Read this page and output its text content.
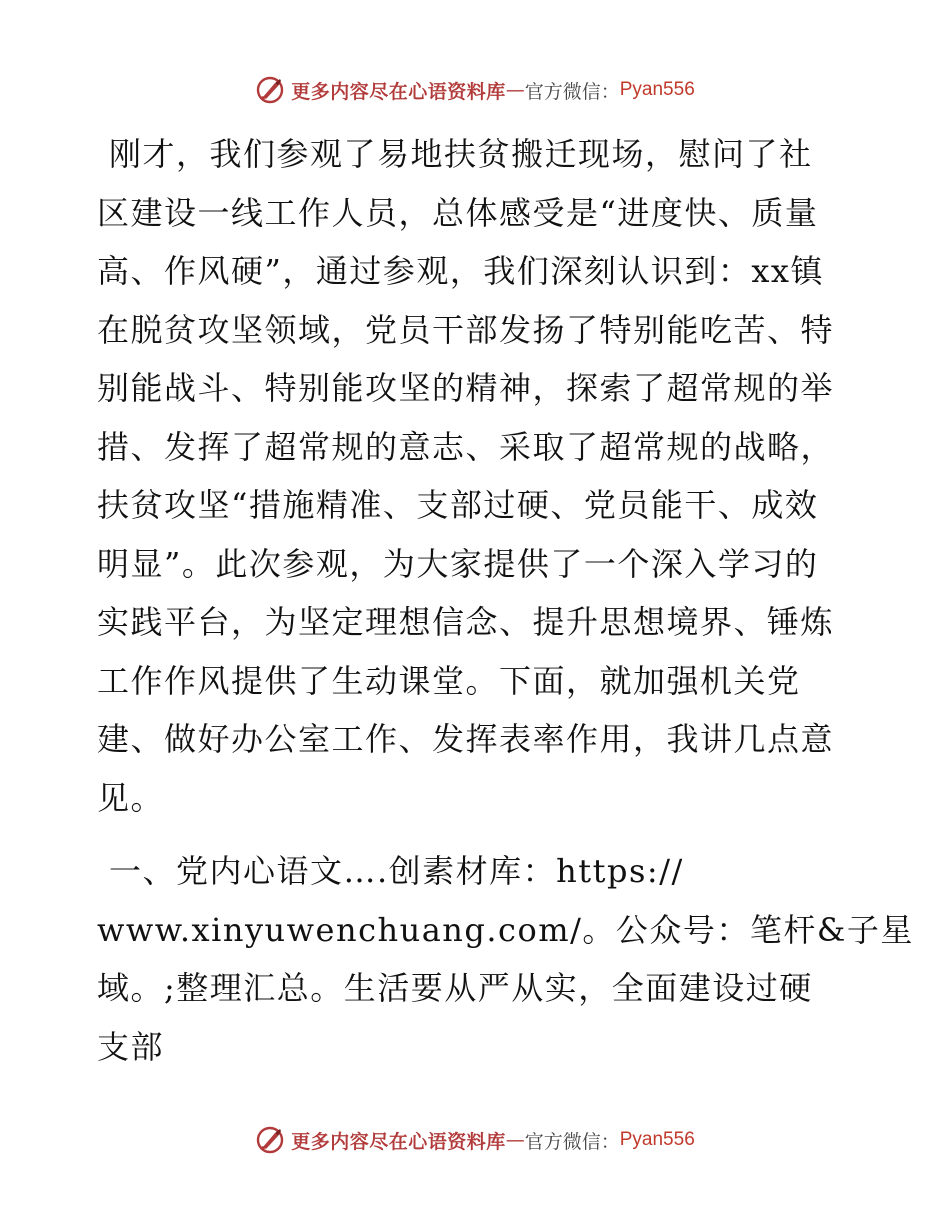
更多内容尽在心语资料库 — 官方微信： Pyan556
刚才，我们参观了易地扶贫搬迁现场，慰问了社
区建设一线工作人员，总体感受是“进度快、质量
高、作风硬”，通过参观，我们深刻认识到：xx镇
在脱贫攻坚领域，党员干部发扬了特别能吃苦、特
别能战斗、特别能攻坚的精神，探索了超常规的举
措、发挥了超常规的意志、采取了超常规的战略，
扶贫攻坚“措施精准、支部过硬、党员能干、成效
明显”。此次参观，为大家提供了一个深入学习的
实践平台，为坚定理想信念、提升思想境界、锤炼
工作作风提供了生动课堂。下面，就加强机关党
建、做好办公室工作、发挥表率作用，我讲几点意
见。
一、党内心语文….创素材库：https://
www.xinyuwenchuang.com/。公众号：笔杆&子星
域。;整理汇总。生活要从严从实，全面建设过硬
支部
更多内容尽在心语资料库 — 官方微信： Pyan556
